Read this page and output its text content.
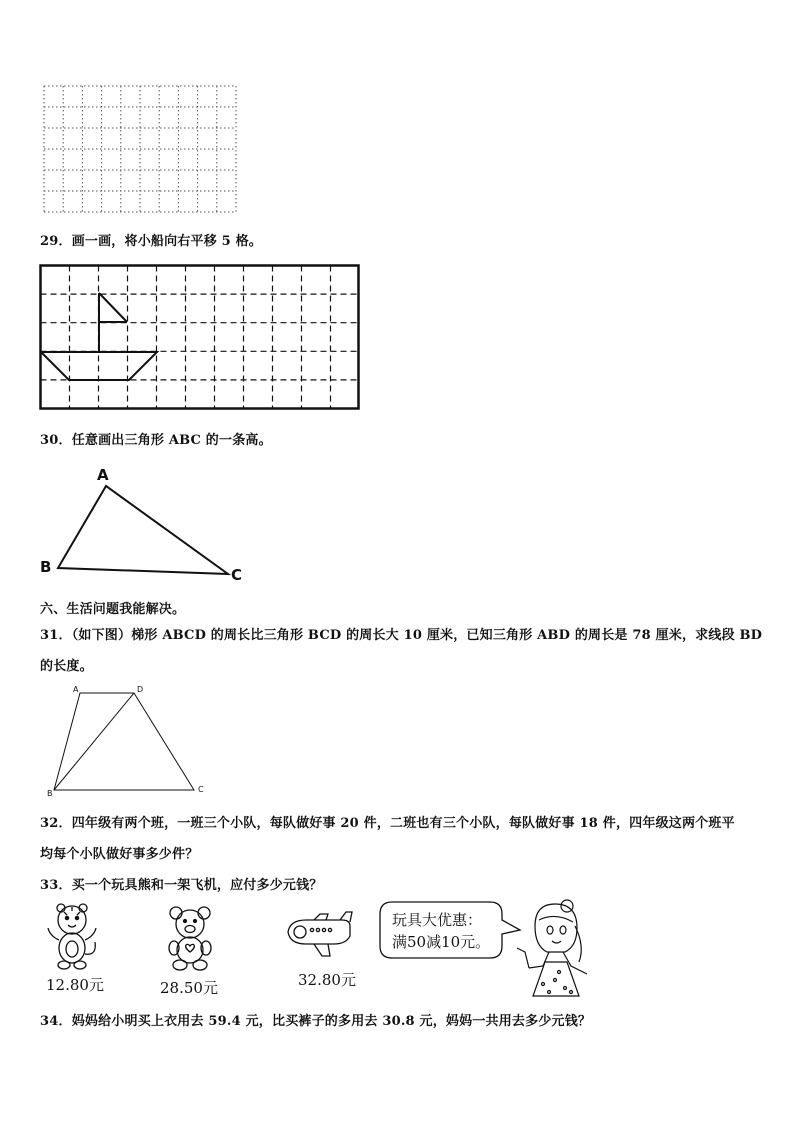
29．画一画，将小船向右平移 5 格。
30．任意画出三角形 ABC 的一条高。
A
B	C
六、生活问题我能解决。
31．（如下图）梯形 ABCD 的周长比三角形 BCD 的周长大 10 厘米，已知三角形 ABD 的周长是 78 厘米，求线段 BD
的长度。
A	D
B	C
32．四年级有两个班，一班三个小队，每队做好事 20 件，二班也有三个小队，每队做好事 18 件，四年级这两个班平
均每个小队做好事多少件？
33．买一个玩具熊和一架飞机，应付多少元钱？
12.80元	28.50元	32.80元
玩具大优惠：
满50减10元。
34．妈妈给小明买上衣用去 59.4 元，比买裤子的多用去 30.8 元，妈妈一共用去多少元钱？
